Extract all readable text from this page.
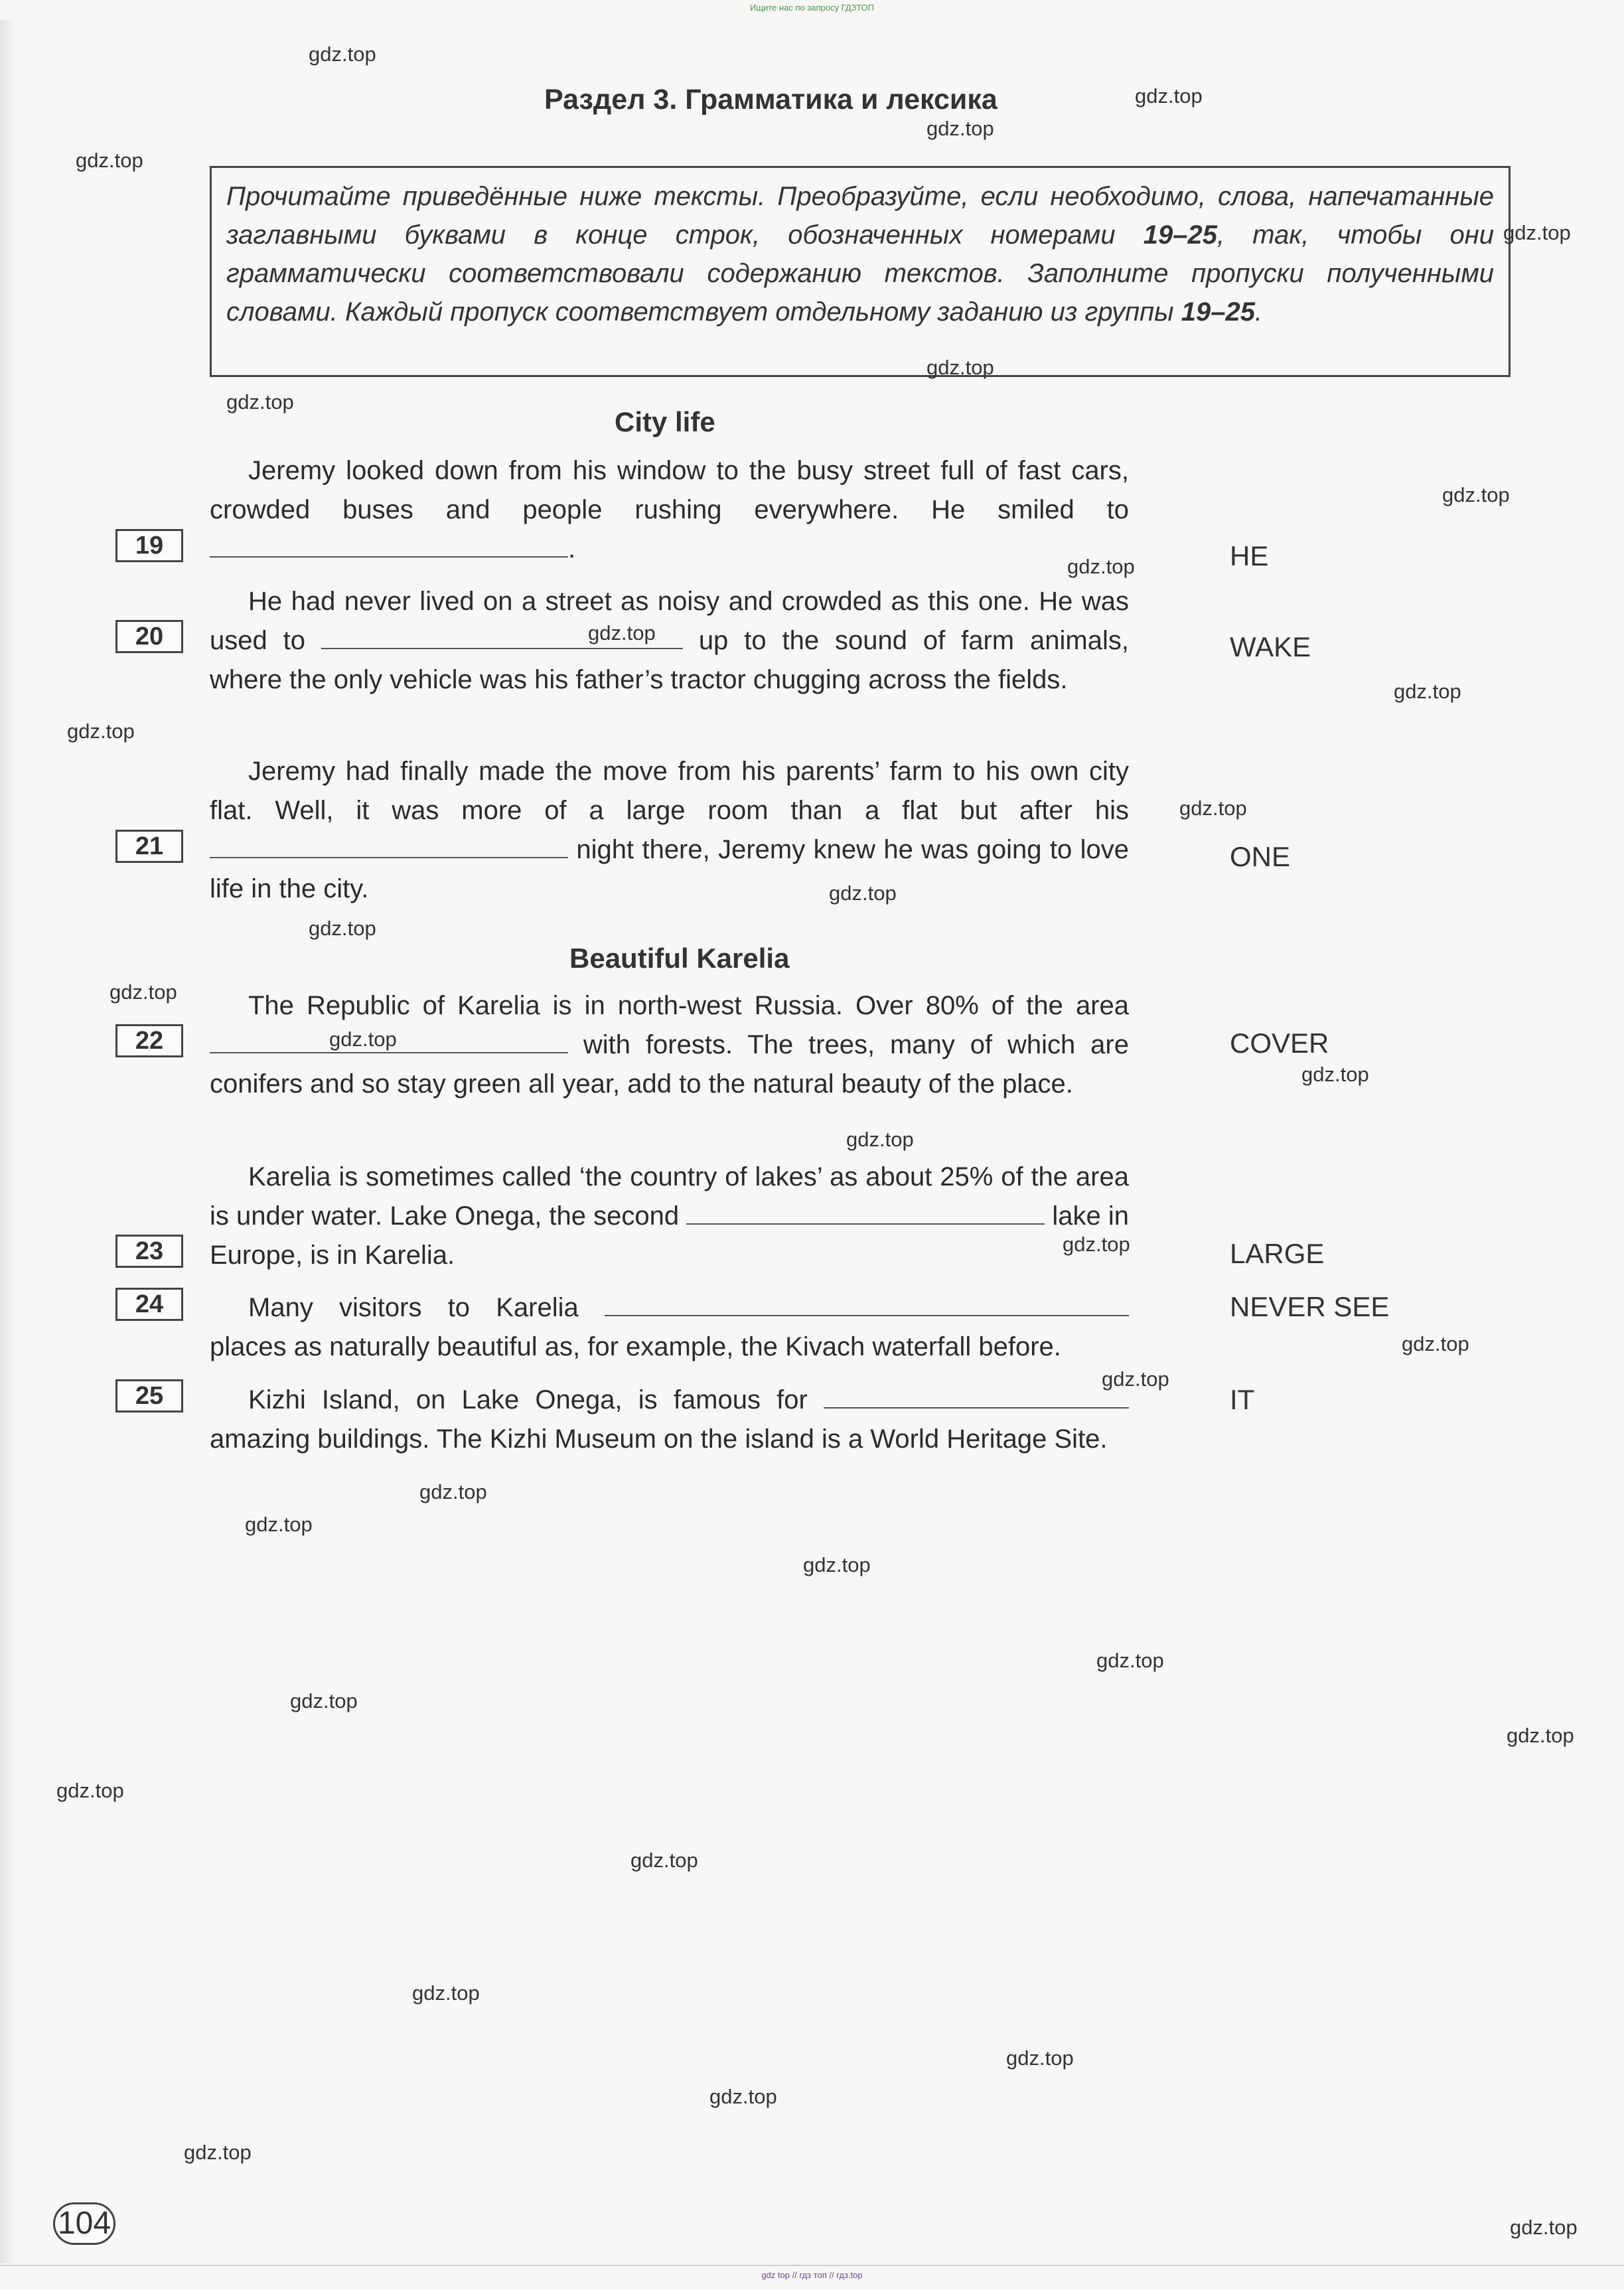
Ищите нас по запросу ГДЗТОП
Раздел 3. Грамматика и лексика
Прочитайте приведённые ниже тексты. Преобразуйте, если необходимо, слова, напечатанные заглавными буквами в конце строк, обозначенных номерами 19–25, так, чтобы они грамматически соответствовали содержанию текстов. Заполните пропуски полученными словами. Каждый пропуск соответствует отдельному заданию из группы 19–25.
City life
Jeremy looked down from his window to the busy street full of fast cars, crowded buses and people rushing everywhere. He smiled to .
He had never lived on a street as noisy and crowded as this one. He was used to	up to the sound of farm animals, where the only vehicle was his father’s tractor chugging across the fields.
Jeremy had finally made the move from his parents’ farm to his own city flat. Well, it was more of a large room than a flat but after his  night there, Jeremy knew he was going to love life in the city.
Beautiful Karelia
The Republic of Karelia is in north-west Russia. Over 80% of the area  with forests. The trees, many of which are conifers and so stay green all year, add to the natural beauty of the place.
Karelia is sometimes called ‘the country of lakes’ as about 25% of the area is under water. Lake Onega, the second	lake in Europe, is in Karelia.
Many visitors to Karelia  places as naturally beautiful as, for example, the Kivach waterfall before.
Kizhi Island, on Lake Onega, is famous for  amazing buildings. The Kizhi Museum on the island is a World Heritage Site.
19
20
21
22
23
24
25
HE
WAKE
ONE
COVER
LARGE
NEVER SEE
IT
gdz.top
gdz.top
gdz.top
gdz.top
gdz.top
gdz.top
gdz.top
gdz.top
gdz.top
gdz.top
gdz.top
gdz.top
gdz.top
gdz.top
gdz.top
gdz.top
gdz.top
gdz.top
gdz.top
gdz.top
gdz.top
gdz.top
gdz.top
gdz.top
gdz.top
gdz.top
gdz.top
gdz.top
gdz.top
gdz.top
gdz.top
gdz.top
gdz.top
gdz.top
gdz.top
104
gdz top // гдз топ // гдз.top
